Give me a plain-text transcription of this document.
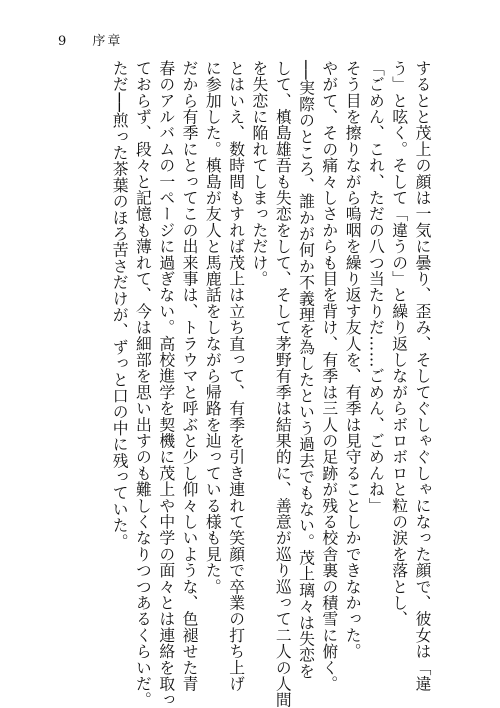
9 序章

するとと茂上の顔は一気に曇り、歪み、そしてぐしゃぐしゃになった顔で、彼女は「違

う」と呟く。そして「違うの」と繰り返しながらボロボロと粒の涙を落とし、

「ごめん、これ、ただの八つ当たりだ……ごめん、ごめんね」

そう目を擦りながら嗚咽を繰り返す友人を、有季は見守ることしかできなかった。

やがて、その痛々しさからも目を背け、有季は三人の足跡が残る校舎裏の積雪に俯く。

──実際のところ、誰かが何か不義理を為したという過去でもない。茂上璃々は失恋を

して、槙島雄吾も失恋をして、そして茅野有季は結果的に、善意が巡り巡って二人の人間

を失恋に陥れてしまっただけ。

とはいえ、数時間もすれば茂上は立ち直って、有季を引き連れて笑顔で卒業の打ち上げ

に参加した。槙島が友人と馬鹿話をしながら帰路を辿っている様も見た。

だから有季にとってこの出来事は、トラウマと呼ぶと少し仰々しいような、色褪せた青

春のアルバムの一ページに過ぎない。高校進学を契機に茂上や中学の面々とは連絡を取っ

ておらず、段々と記憶も薄れて、今は細部を思い出すのも難しくなりつつあるくらいだ。

ただ──煎った茶葉のほろ苦さだけが、ずっと口の中に残っていた。
